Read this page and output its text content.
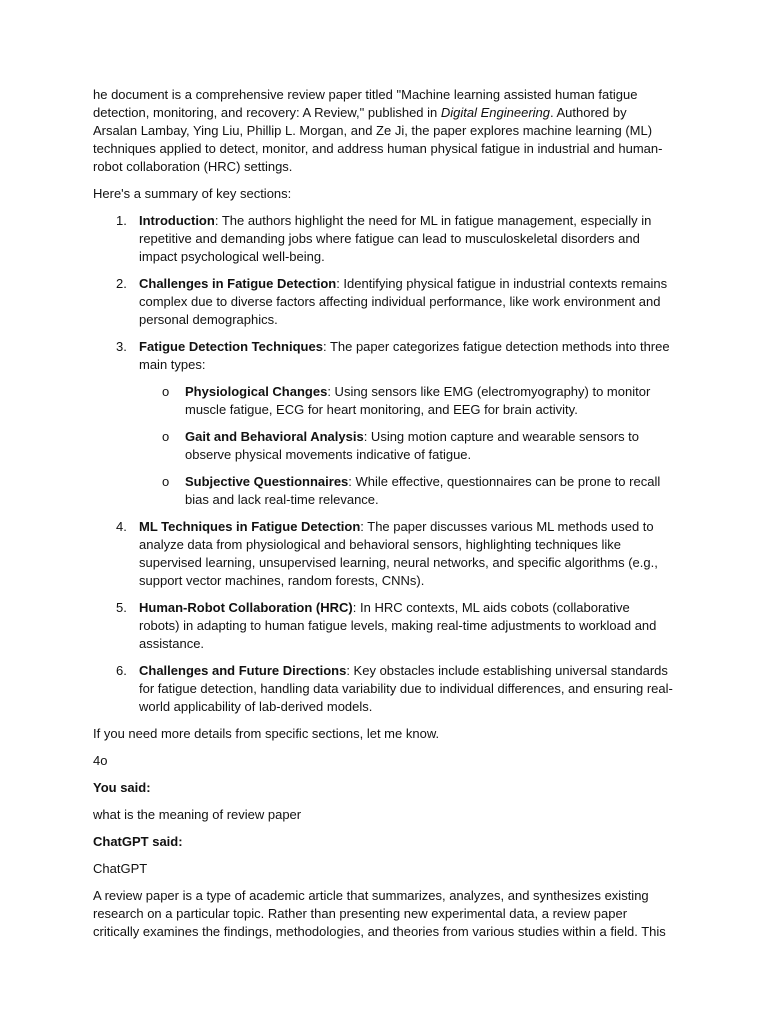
he document is a comprehensive review paper titled "Machine learning assisted human fatigue detection, monitoring, and recovery: A Review," published in Digital Engineering. Authored by Arsalan Lambay, Ying Liu, Phillip L. Morgan, and Ze Ji, the paper explores machine learning (ML) techniques applied to detect, monitor, and address human physical fatigue in industrial and human-robot collaboration (HRC) settings.

Here's a summary of key sections:

1. Introduction: The authors highlight the need for ML in fatigue management, especially in repetitive and demanding jobs where fatigue can lead to musculoskeletal disorders and impact psychological well-being.
2. Challenges in Fatigue Detection: Identifying physical fatigue in industrial contexts remains complex due to diverse factors affecting individual performance, like work environment and personal demographics.
3. Fatigue Detection Techniques: The paper categorizes fatigue detection methods into three main types:
o Physiological Changes: Using sensors like EMG (electromyography) to monitor muscle fatigue, ECG for heart monitoring, and EEG for brain activity.
o Gait and Behavioral Analysis: Using motion capture and wearable sensors to observe physical movements indicative of fatigue.
o Subjective Questionnaires: While effective, questionnaires can be prone to recall bias and lack real-time relevance.
4. ML Techniques in Fatigue Detection: The paper discusses various ML methods used to analyze data from physiological and behavioral sensors, highlighting techniques like supervised learning, unsupervised learning, neural networks, and specific algorithms (e.g., support vector machines, random forests, CNNs).
5. Human-Robot Collaboration (HRC): In HRC contexts, ML aids cobots (collaborative robots) in adapting to human fatigue levels, making real-time adjustments to workload and assistance.
6. Challenges and Future Directions: Key obstacles include establishing universal standards for fatigue detection, handling data variability due to individual differences, and ensuring real-world applicability of lab-derived models.

If you need more details from specific sections, let me know.

4o

You said:

what is the meaning of review paper

ChatGPT said:

ChatGPT

A review paper is a type of academic article that summarizes, analyzes, and synthesizes existing research on a particular topic. Rather than presenting new experimental data, a review paper critically examines the findings, methodologies, and theories from various studies within a field. This
